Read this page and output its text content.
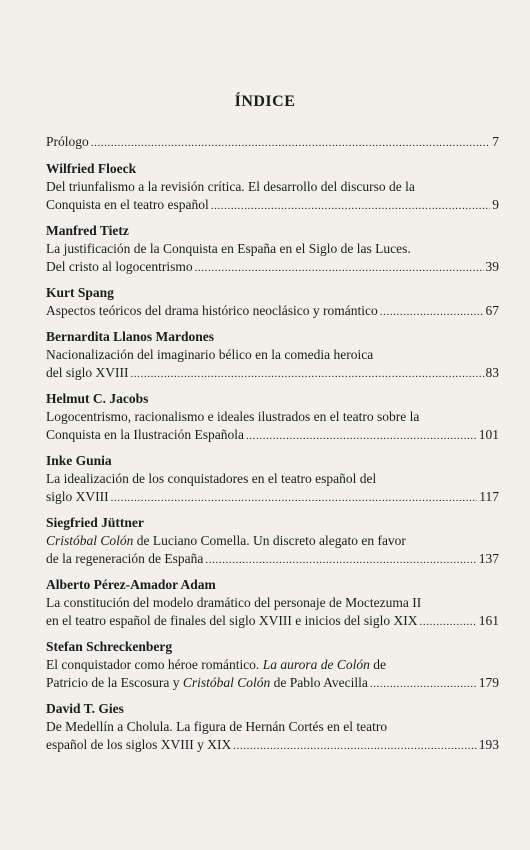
ÍNDICE
Prólogo .....	7
Wilfried Floeck
Del triunfalismo a la revisión crítica. El desarrollo del discurso de la
Conquista en el teatro español .....	9
Manfred Tietz
La justificación de la Conquista en España en el Siglo de las Luces.
Del cristo al logocentrismo .....	39
Kurt Spang
Aspectos teóricos del drama histórico neoclásico y romántico .....	67
Bernardita Llanos Mardones
Nacionalización del imaginario bélico en la comedia heroica
del siglo XVIII .....	83
Helmut C. Jacobs
Logocentrismo, racionalismo e ideales ilustrados en el teatro sobre la
Conquista en la Ilustración Española .....	101
Inke Gunia
La idealización de los conquistadores en el teatro español del
siglo XVIII .....	117
Siegfried Jüttner
Cristóbal Colón de Luciano Comella. Un discreto alegato en favor
de la regeneración de España .....	137
Alberto Pérez-Amador Adam
La constitución del modelo dramático del personaje de Moctezuma II
en el teatro español de finales del siglo XVIII e inicios del siglo XIX .....	161
Stefan Schreckenberg
El conquistador como héroe romántico. La aurora de Colón de
Patricio de la Escosura y Cristóbal Colón de Pablo Avecilla .....	179
David T. Gies
De Medellín a Cholula. La figura de Hernán Cortés en el teatro
español de los siglos XVIII y XIX .....	193
